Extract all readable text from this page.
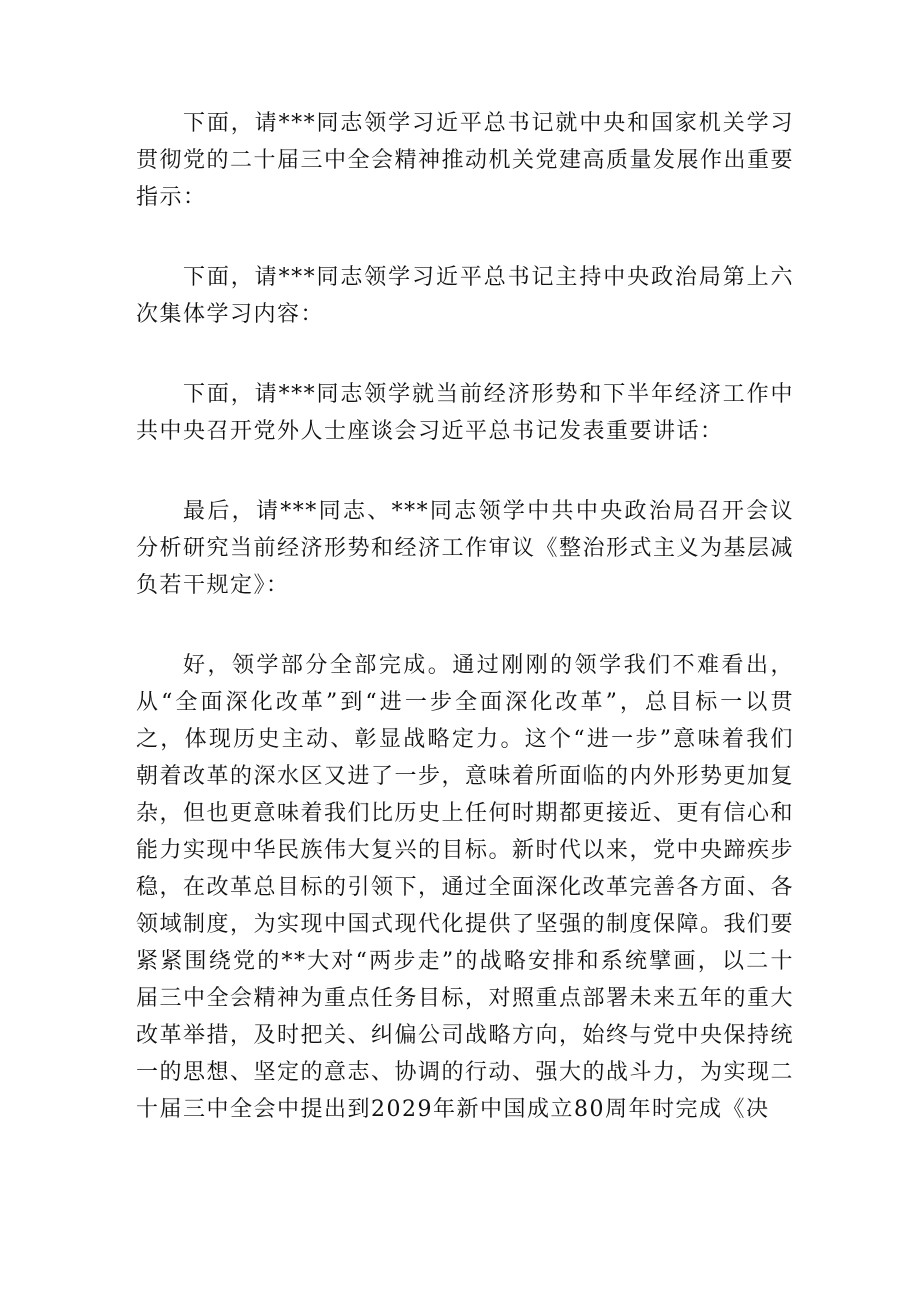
下面，请***同志领学习近平总书记就中央和国家机关学习贯彻党的二十届三中全会精神推动机关党建高质量发展作出重要指示：

下面，请***同志领学习近平总书记主持中央政治局第上六次集体学习内容：

下面，请***同志领学就当前经济形势和下半年经济工作中共中央召开党外人士座谈会习近平总书记发表重要讲话：

最后，请***同志、***同志领学中共中央政治局召开会议分析研究当前经济形势和经济工作审议《整治形式主义为基层减负若干规定》：

好，领学部分全部完成。通过刚刚的领学我们不难看出，从“全面深化改革”到“进一步全面深化改革”，总目标一以贯之，体现历史主动、彰显战略定力。这个“进一步”意味着我们朝着改革的深水区又进了一步，意味着所面临的内外形势更加复杂，但也更意味着我们比历史上任何时期都更接近、更有信心和能力实现中华民族伟大复兴的目标。新时代以来，党中央蹄疾步稳，在改革总目标的引领下，通过全面深化改革完善各方面、各领域制度，为实现中国式现代化提供了坚强的制度保障。我们要紧紧围绕党的**大对“两步走”的战略安排和系统擘画，以二十届三中全会精神为重点任务目标，对照重点部署未来五年的重大改革举措，及时把关、纠偏公司战略方向，始终与党中央保持统一的思想、坚定的意志、协调的行动、强大的战斗力，为实现二十届三中全会中提出到2029年新中国成立80周年时完成《决
